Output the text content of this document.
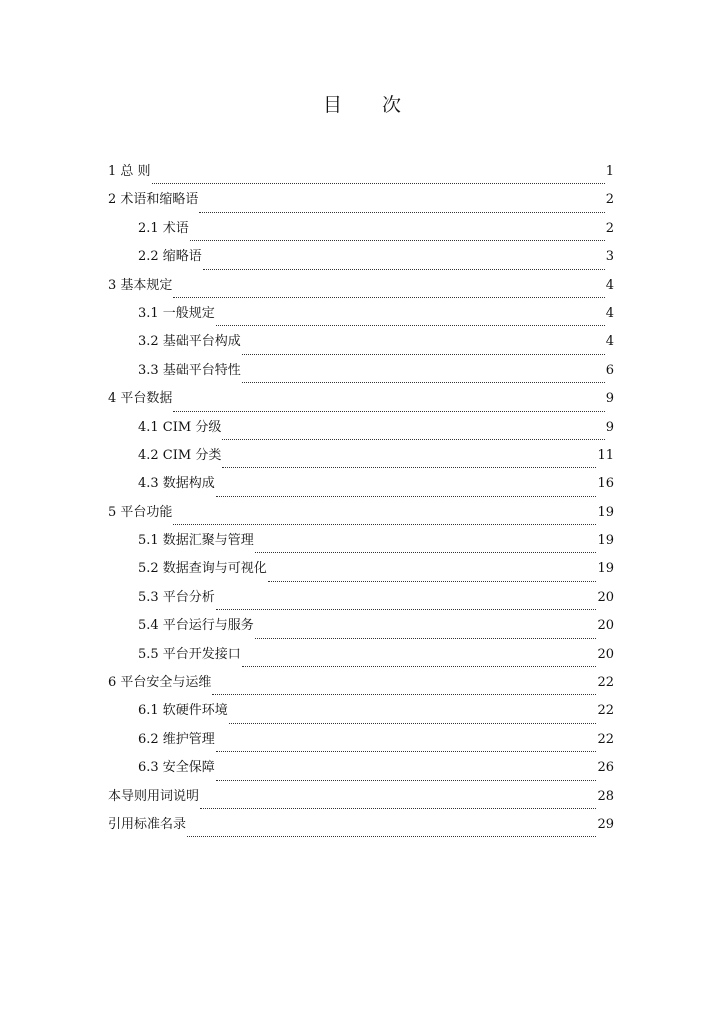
目 次
1 总 则	1
2 术语和缩略语	2
2.1 术语	2
2.2 缩略语	3
3 基本规定	4
3.1 一般规定	4
3.2 基础平台构成	4
3.3 基础平台特性	6
4 平台数据	9
4.1 CIM 分级	9
4.2 CIM 分类	11
4.3 数据构成	16
5 平台功能	19
5.1 数据汇聚与管理	19
5.2 数据查询与可视化	19
5.3 平台分析	20
5.4 平台运行与服务	20
5.5 平台开发接口	20
6 平台安全与运维	22
6.1 软硬件环境	22
6.2 维护管理	22
6.3 安全保障	26
本导则用词说明	28
引用标准名录	29
